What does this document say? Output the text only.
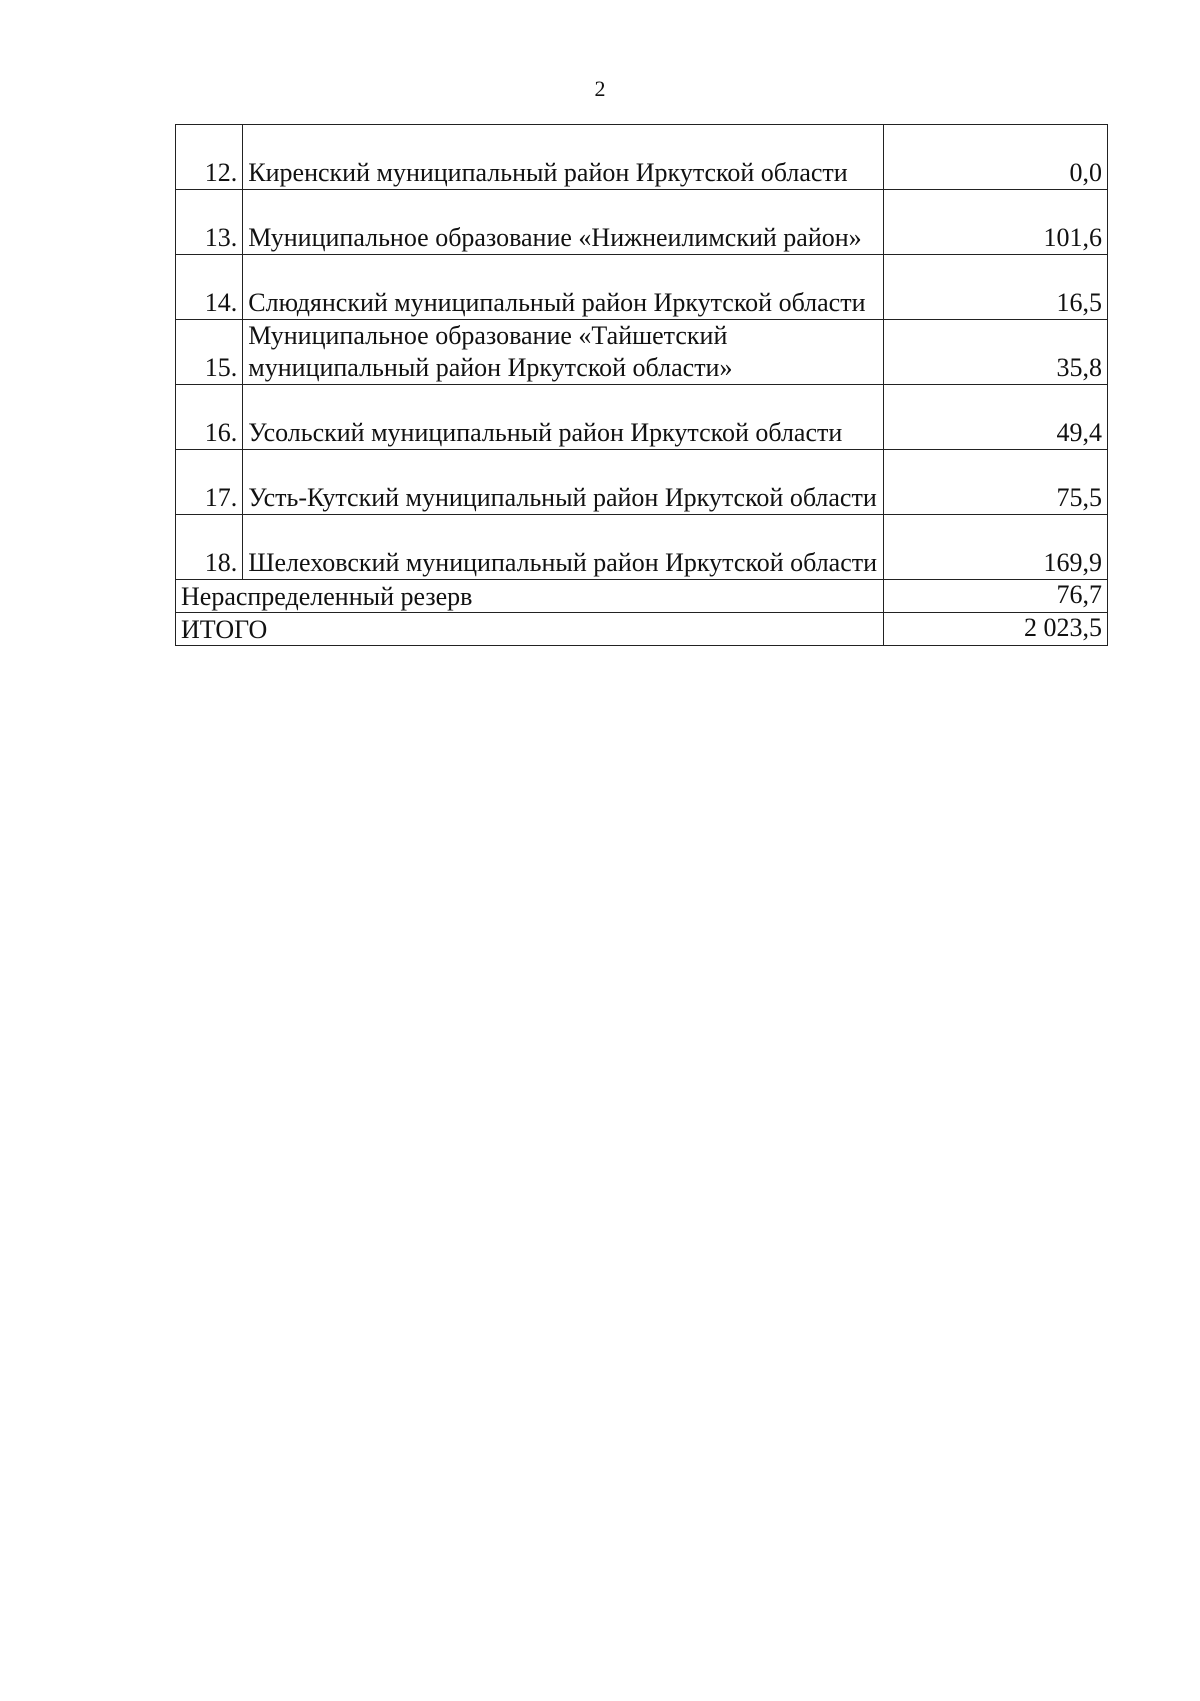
2
12.	Киренский муниципальный район Иркутской области	0,0
13.	Муниципальное образование «Нижнеилимский район»	101,6
14.	Слюдянский муниципальный район Иркутской области	16,5
15.	Муниципальное образование «Тайшетский муниципальный район Иркутской области»	35,8
16.	Усольский муниципальный район Иркутской области	49,4
17.	Усть-Кутский муниципальный район Иркутской области	75,5
18.	Шелеховский муниципальный район Иркутской области	169,9
Нераспределенный резерв		76,7
ИТОГО		2 023,5
